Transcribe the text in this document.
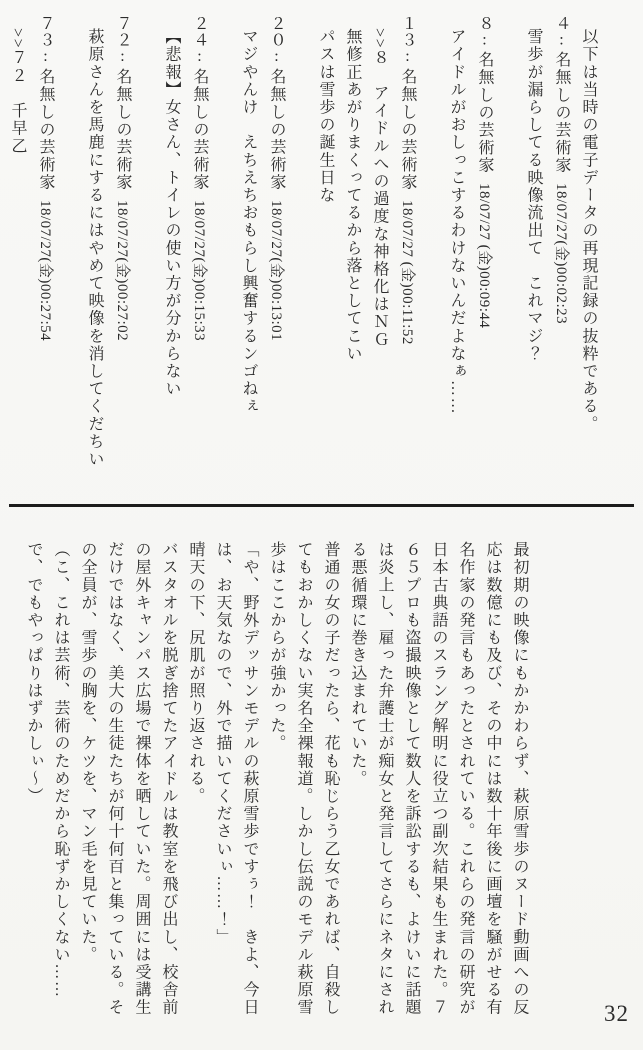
以下は当時の電子データの再現記録の抜粋である。

４:名無しの芸術家18/07/27(金)00:02:23

雪歩が漏らしてる映像流出て　これマジ？

８:名無しの芸術家18/07/27 (金)00:09:44

アイドルがおしっこするわけないんだよなぁ……

１３:名無しの芸術家18/07/27 (金)00:11:52

>>８　アイドルへの過度な神格化はＮＧ

無修正あがりまくってるから落としてこい

パスは雪歩の誕生日な

２０:名無しの芸術家18/07/27(金)00:13:01

マジやんけ　えちえちおもらし興奮するンゴねぇ

２４:名無しの芸術家18/07/27(金)00:15:33

【悲報】女さん、トイレの使い方が分からない

７２:名無しの芸術家18/07/27(金)00:27:02

萩原さんを馬鹿にするにはやめて映像を消してくだちい

７３:名無しの芸術家18/07/27(金)00:27:54

>>７２　千早乙

最初期の映像にもかかわらず、萩原雪歩のヌード動画への反応は数億にも及び、その中には数十年後に画壇を騒がせる有名作家の発言もあったとされている。これらの発言の研究が日本古典語のスラング解明に役立つ副次結果も生まれた。７６５プロも盗撮映像として数人を訴訟するも、よけいに話題は炎上し、雇った弁護士が痴女と発言してさらにネタにされる悪循環に巻き込まれていた。

普通の女の子だったら、花も恥じらう乙女であれば、自殺してもおかしくない実名全裸報道。しかし伝説のモデル萩原雪歩はここからが強かった。

「や、野外デッサンモデルの萩原雪歩ですぅ！　きよ、今日は、お天気なので、外で描いてくださいぃ……！」

晴天の下、尻肌が照り返される。

バスタオルを脱ぎ捨てたアイドルは教室を飛び出し、校舎前の屋外キャンパス広場で裸体を晒していた。周囲には受講生だけではなく、美大の生徒たちが何十何百と集っている。その全員が、雪歩の胸を、ケツを、マン毛を見ていた。

（こ、これは芸術、芸術のためだから恥ずかしくない……で、でもやっぱりはずかしぃ～）

32
